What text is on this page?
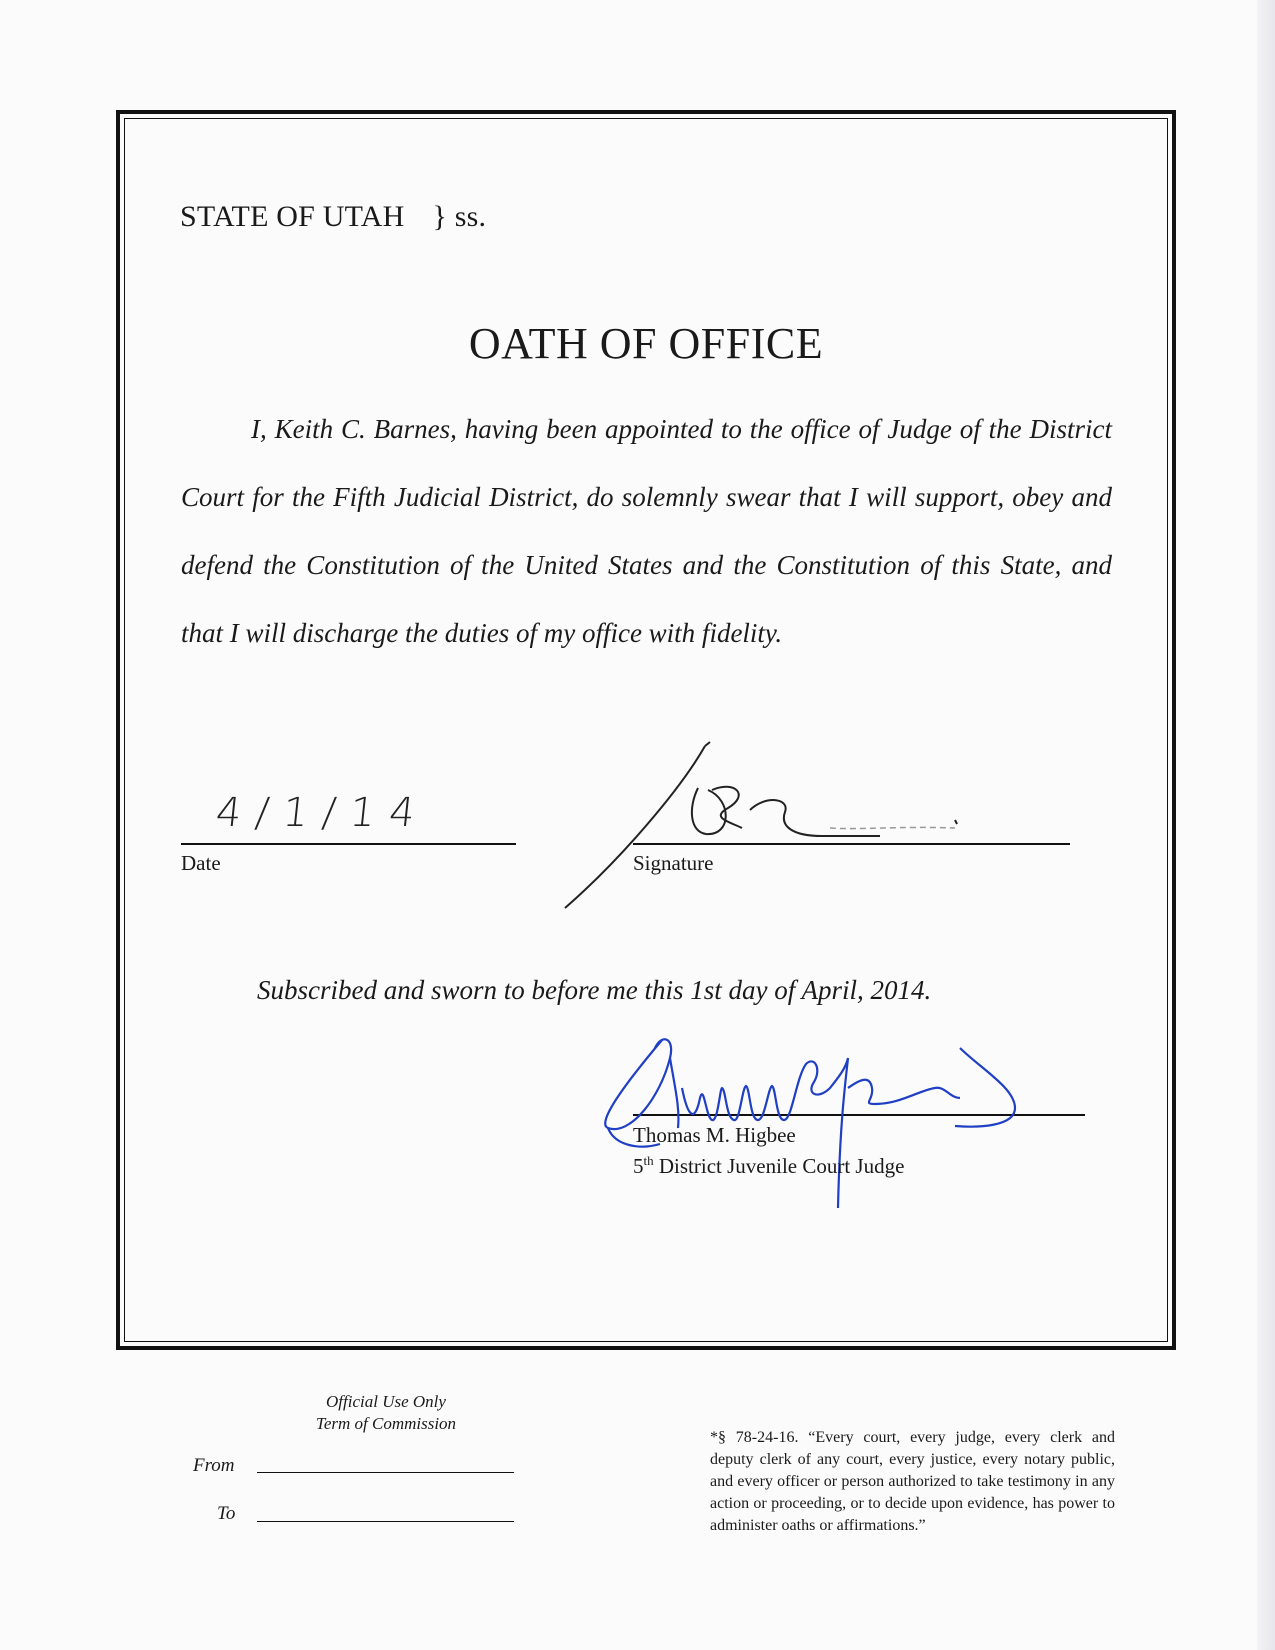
STATE OF UTAH } ss.
OATH OF OFFICE

I, Keith C. Barnes, having been appointed to the office of Judge of the District Court for the Fifth Judicial District, do solemnly swear that I will support, obey and defend the Constitution of the United States and the Constitution of this State, and that I will discharge the duties of my office with fidelity.

4/1/14
Date	Signature
Subscribed and sworn to before me this 1st day of April, 2014.
Thomas M. Higbee
5th District Juvenile Court Judge
Official Use Only
Term of Commission
From
To
*§ 78-24-16. “Every court, every judge, every clerk and deputy clerk of any court, every justice, every notary public, and every officer or person authorized to take testimony in any action or proceeding, or to decide upon evidence, has power to administer oaths or affirmations.”
